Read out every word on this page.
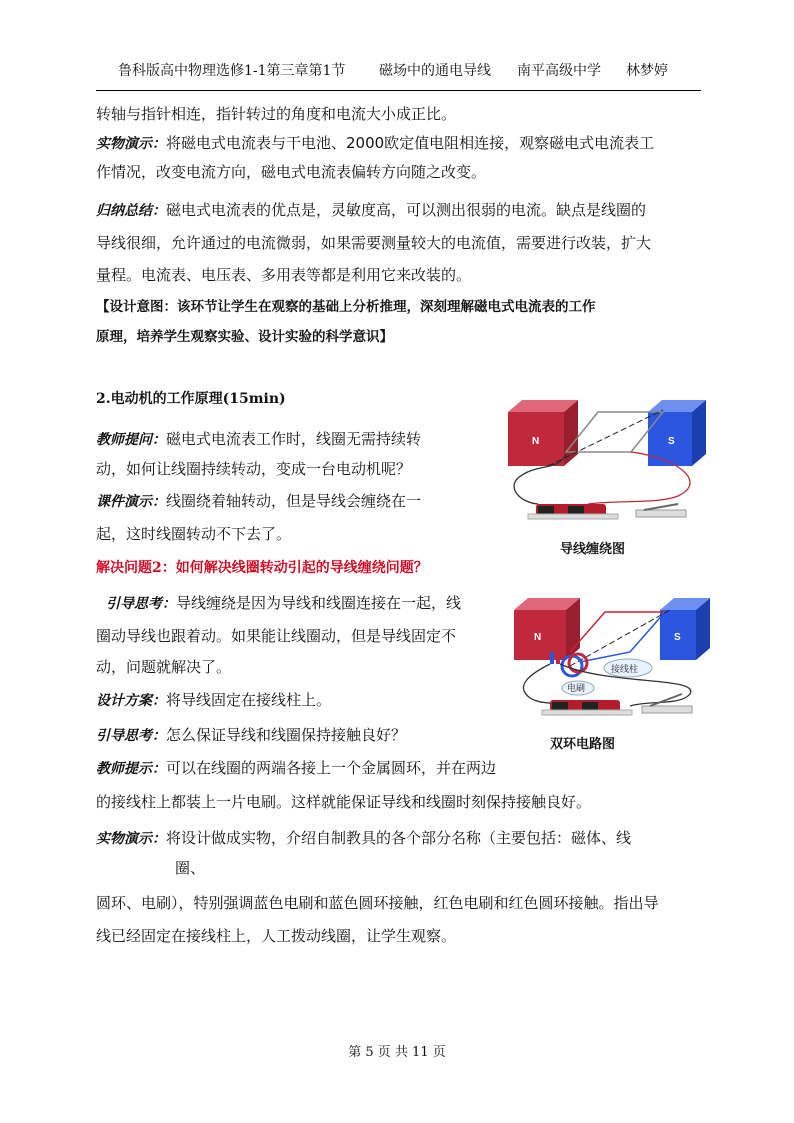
鲁科版高中物理选修1-1第三章第1节 磁场中的通电导线 南平高级中学 林梦婷
转轴与指针相连，指针转过的角度和电流大小成正比。
实物演示：将磁电式电流表与干电池、2000欧定值电阻相连接，观察磁电式电流表工
作情况，改变电流方向，磁电式电流表偏转方向随之改变。
归纳总结：磁电式电流表的优点是，灵敏度高，可以测出很弱的电流。缺点是线圈的
导线很细，允许通过的电流微弱，如果需要测量较大的电流值，需要进行改装，扩大
量程。电流表、电压表、多用表等都是利用它来改装的。
【设计意图：该环节让学生在观察的基础上分析推理，深刻理解磁电式电流表的工作
原理，培养学生观察实验、设计实验的科学意识】
2.电动机的工作原理(15min)
教师提问：磁电式电流表工作时，线圈无需持续转
动，如何让线圈持续转动，变成一台电动机呢？
课件演示：线圈绕着轴转动，但是导线会缠绕在一
起，这时线圈转动不下去了。
解决问题2：如何解决线圈转动引起的导线缠绕问题？
引导思考：导线缠绕是因为导线和线圈连接在一起，线
圈动导线也跟着动。如果能让线圈动，但是导线固定不
动，问题就解决了。
设计方案：将导线固定在接线柱上。
引导思考：怎么保证导线和线圈保持接触良好？
教师提示：可以在线圈的两端各接上一个金属圆环，并在两边
的接线柱上都装上一片电刷。这样就能保证导线和线圈时刻保持接触良好。
实物演示：将设计做成实物，介绍自制教具的各个部分名称（主要包括：磁体、线
圈、
圆环、电刷），特别强调蓝色电刷和蓝色圆环接触，红色电刷和红色圆环接触。指出导
线已经固定在接线柱上，人工拨动线圈，让学生观察。
N	S
导线缠绕图
N	S
接线柱
电刷
双环电路图
第 5 页 共 11 页
